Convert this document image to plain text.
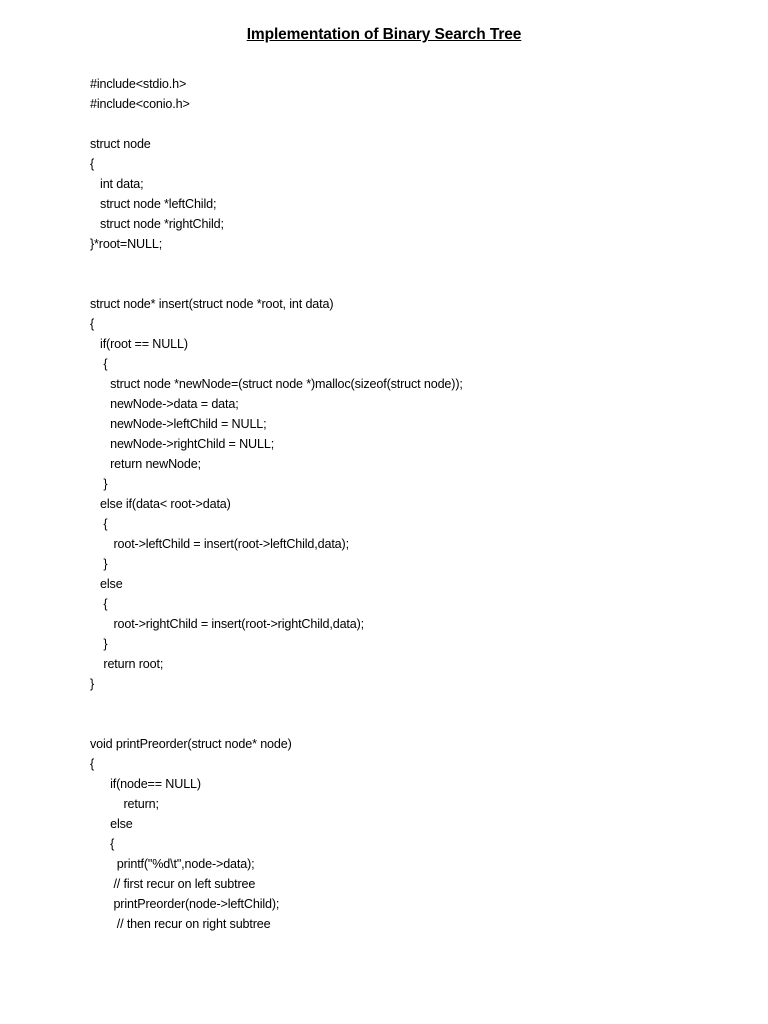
Implementation of Binary Search Tree
#include<stdio.h>
#include<conio.h>
struct node
{
int data;
struct node *leftChild;
struct node *rightChild;
}*root=NULL;
struct node* insert(struct node *root, int data)
{
if(root == NULL)
{
struct node *newNode=(struct node *)malloc(sizeof(struct node));
newNode->data = data;
newNode->leftChild = NULL;
newNode->rightChild = NULL;
return newNode;
}
else if(data< root->data)
{
root->leftChild = insert(root->leftChild,data);
}
else
{
root->rightChild = insert(root->rightChild,data);
}
return root;
}
void printPreorder(struct node* node)
{
if(node== NULL)
return;
else
{
printf("%d\t",node->data);
// first recur on left subtree
printPreorder(node->leftChild);
// then recur on right subtree
